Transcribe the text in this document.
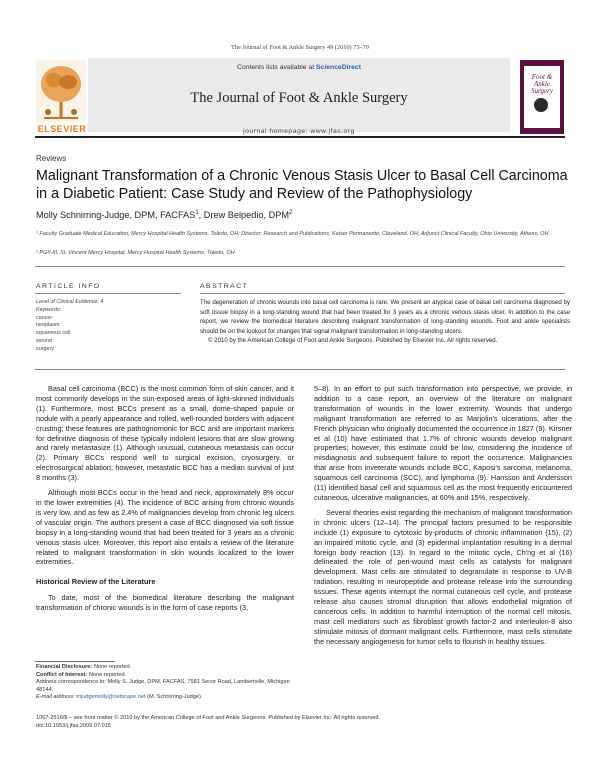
The Journal of Foot & Ankle Surgery 49 (2010) 75–79
Contents lists available at ScienceDirect
The Journal of Foot & Ankle Surgery
journal homepage: www.jfas.org
ELSEVIER
Foot & Ankle Surgery
Reviews
Malignant Transformation of a Chronic Venous Stasis Ulcer to Basal Cell Carcinoma in a Diabetic Patient: Case Study and Review of the Pathophysiology
Molly Schnirring-Judge, DPM, FACFAS$^1$, Drew Belpedio, DPM$^2$
¹ Faculty Graduate Medical Education, Mercy Hospital Health Systems, Toledo, OH; Director; Research and Publications, Kaiser Permanente, Cleveland, OH; Adjunct Clinical Faculty, Ohio University, Athens, OH
² PGY-III, St. Vincent Mercy Hospital, Mercy Hospital Health Systems, Toledo, OH
ARTICLE INFO	ABSTRACT
Level of Clinical Evidence: 4
Keywords:
cancer
neoplasm
squamous cell
wound
surgery
The degeneration of chronic wounds into basal cell carcinoma is rare. We present an atypical case of basal cell carcinoma diagnosed by soft tissue biopsy in a long-standing wound that had been treated for 3 years as a chronic venous stasis ulcer. In addition to the case report, we review the biomedical literature describing malignant transformation of long-standing wounds. Foot and ankle specialists should be on the lookout for changes that signal malignant transformation in long-standing ulcers.
© 2010 by the American College of Foot and Ankle Surgeons. Published by Elsevier Inc. All rights reserved.

Basal cell carcinoma (BCC) is the most common form of skin cancer, and it most commonly develops in the sun-exposed areas of light-skinned individuals (1). Furthermore, most BCCs present as a small, dome-shaped papule or nodule with a pearly appearance and rolled, well-rounded borders with adjacent crusting; these features are pathognomonic for BCC and are important markers for definitive diagnosis of these typically indolent lesions that are slow growing and rarely metastasize (1). Although unusual, cutaneous metastasis can occur (2). Primary BCCs respond well to surgical excision, cryosurgery, or electrosurgical ablation; however, metastatic BCC has a median survival of just 8 months (3).

Although most BCCs occur in the head and neck, approximately 8% occur in the lower extremities (4). The incidence of BCC arising from chronic wounds is very low, and as few as 2.4% of malignancies develop from chronic leg ulcers of vascular origin. The authors present a case of BCC diagnosed via soft tissue biopsy in a long-standing wound that had been treated for 3 years as a chronic venous stasis ulcer. Moreover, this report also entails a review of the literature related to malignant transformation in skin wounds localized to the lower extremities.

Historical Review of the Literature

To date, most of the biomedical literature describing the malignant transformation of chronic wounds is in the form of case reports (3,

5–8). In an effort to put such transformation into perspective, we provide, in addition to a case report, an overview of the literature on malignant transformation of wounds in the lower extremity. Wounds that undergo malignant transformation are referred to as Marjolin's ulcerations, after the French physician who originally documented the occurrence in 1827 (9). Kirsner et al (10) have estimated that 1.7% of chronic wounds develop malignant properties; however, this estimate could be low, considering the incidence of misdiagnosis and subsequent failure to report the occurrence. Malignancies that arise from inveterate wounds include BCC, Kaposi's sarcoma, melanoma, squamous cell carcinoma (SCC), and lymphoma (9). Hansson and Andersson (11) identified basal cell and squamous cell as the most frequently encountered cutaneous, ulcerative malignancies, at 60% and 15%, respectively.

Several theories exist regarding the mechanism of malignant transformation in chronic ulcers (12–14). The principal factors presumed to be responsible include (1) exposure to cytotoxic by-products of chronic inflammation (15), (2) an impaired mitotic cycle, and (3) epidermal implantation resulting in a dermal foreign body reaction (13). In regard to the mitotic cycle, Ch'ng et al (16) delineated the role of peri-wound mast cells as catalysts for malignant development. Mast cells are stimulated to degranulate in response to UV-B radiation, resulting in neuropeptide and protease release into the surrounding tissues. These agents interrupt the normal cutaneous cell cycle, and protease release also causes stromal disruption that allows endothelial migration of cancerous cells. In addition to harmful interruption of the normal cell mitosis, mast cell mediators such as fibroblast growth factor-2 and interleukin-8 also stimulate mitosis of dormant malignant cells. Furthermore, mast cells stimulate the necessary angiogenesis for tumor cells to flourish in healthy tissues.

Financial Disclosure: None reported.
Conflict of Interest: None reported.
Address correspondence to: Molly S. Judge, DPM, FACFAS, 7581 Secor Road, Lambertville, Michigan 48144.
E-mail address: mjudgemolly@netscape.net (M. Schnirring-Judge).
1067-2516/$ – see front matter © 2010 by the American College of Foot and Ankle Surgeons. Published by Elsevier Inc. All rights reserved.
doi:10.1053/j.jfas.2009.07.015
